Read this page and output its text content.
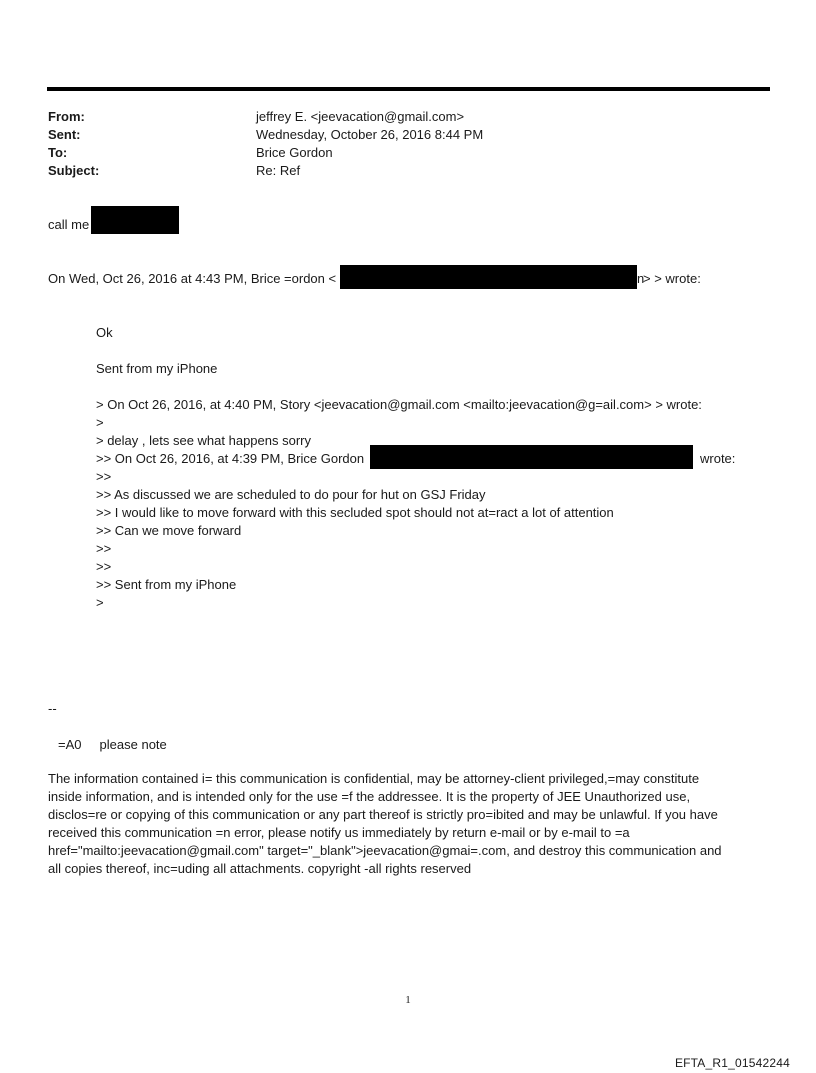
From:	jeffrey E. <jeevacation@gmail.com>
Sent:	Wednesday, October 26, 2016 8:44 PM
To:	Brice Gordon
Subject:	Re: Ref
call me
On Wed, Oct 26, 2016 at 4:43 PM, Brice =ordon <	n
> > wrote:
Ok
Sent from my iPhone
> On Oct 26, 2016, at 4:40 PM, Story <jeevacation@gmail.com <mailto:jeevacation@g=ail.com> > wrote:
>
> delay , lets see what happens sorry
>> On Oct 26, 2016, at 4:39 PM, Brice Gordon	wrote:
>>
>> As discussed we are scheduled to do pour for hut on GSJ Friday
>> I would like to move forward with this secluded spot should not at=ract a lot of attention
>> Can we move forward
>>
>>
>> Sent from my iPhone
>
--
=A0     please note
The information contained i= this communication is confidential, may be attorney-client privileged,=may constitute
inside information, and is intended only for the use =f the addressee. It is the property of JEE Unauthorized use,
disclos=re or copying of this communication or any part thereof is strictly pro=ibited and may be unlawful. If you have
received this communication =n error, please notify us immediately by return e-mail or by e-mail to =a
href="mailto:jeevacation@gmail.com" target="_blank">jeevacation@gmai=.com, and destroy this communication and
all copies thereof, inc=uding all attachments. copyright -all rights reserved
1
EFTA_R1_01542244
